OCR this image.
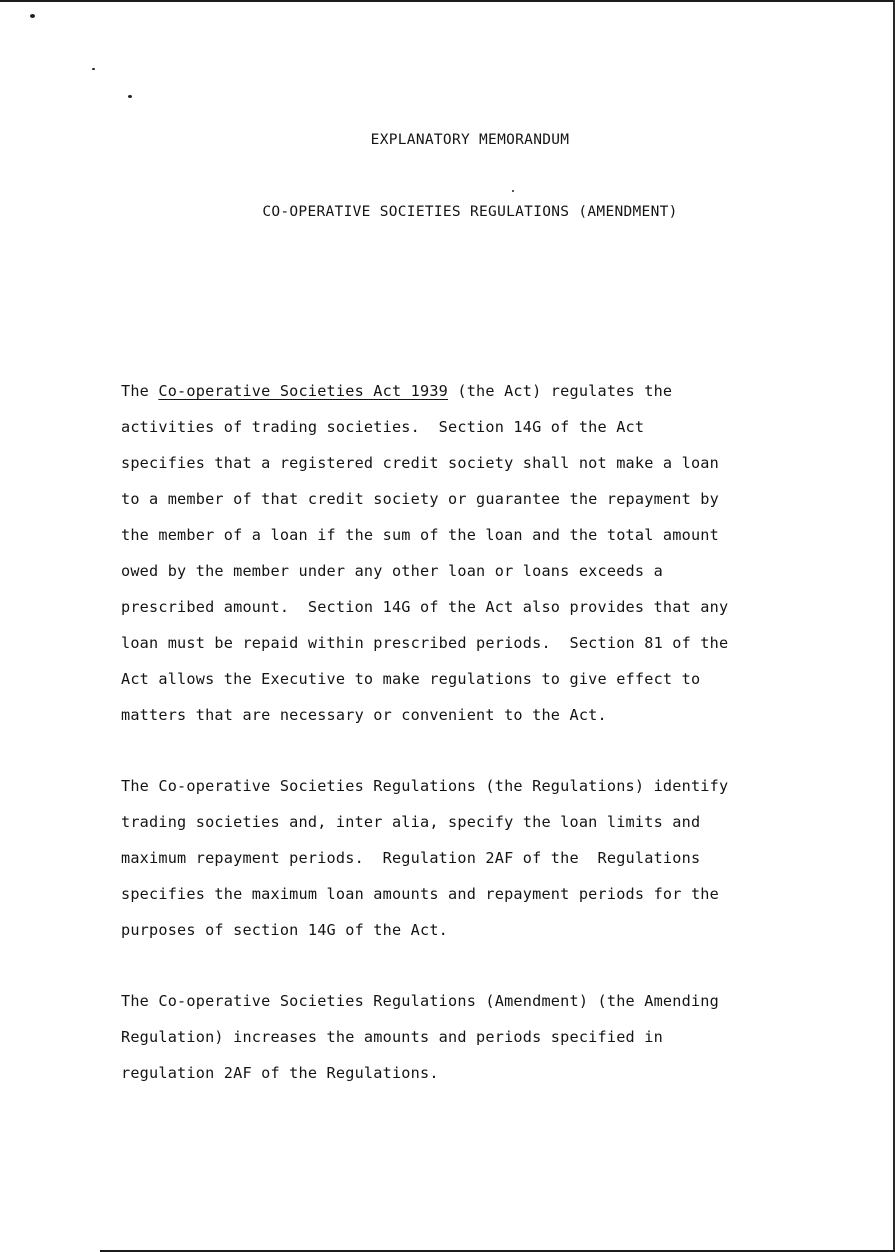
EXPLANATORY MEMORANDUM
CO-OPERATIVE SOCIETIES REGULATIONS (AMENDMENT)

The Co-operative Societies Act 1939 (the Act) regulates the
activities of trading societies.  Section 14G of the Act
specifies that a registered credit society shall not make a loan
to a member of that credit society or guarantee the repayment by
the member of a loan if the sum of the loan and the total amount
owed by the member under any other loan or loans exceeds a
prescribed amount.  Section 14G of the Act also provides that any
loan must be repaid within prescribed periods.  Section 81 of the
Act allows the Executive to make regulations to give effect to
matters that are necessary or convenient to the Act.

The Co-operative Societies Regulations (the Regulations) identify
trading societies and, inter alia, specify the loan limits and
maximum repayment periods.  Regulation 2AF of the  Regulations
specifies the maximum loan amounts and repayment periods for the
purposes of section 14G of the Act.

The Co-operative Societies Regulations (Amendment) (the Amending
Regulation) increases the amounts and periods specified in
regulation 2AF of the Regulations.
